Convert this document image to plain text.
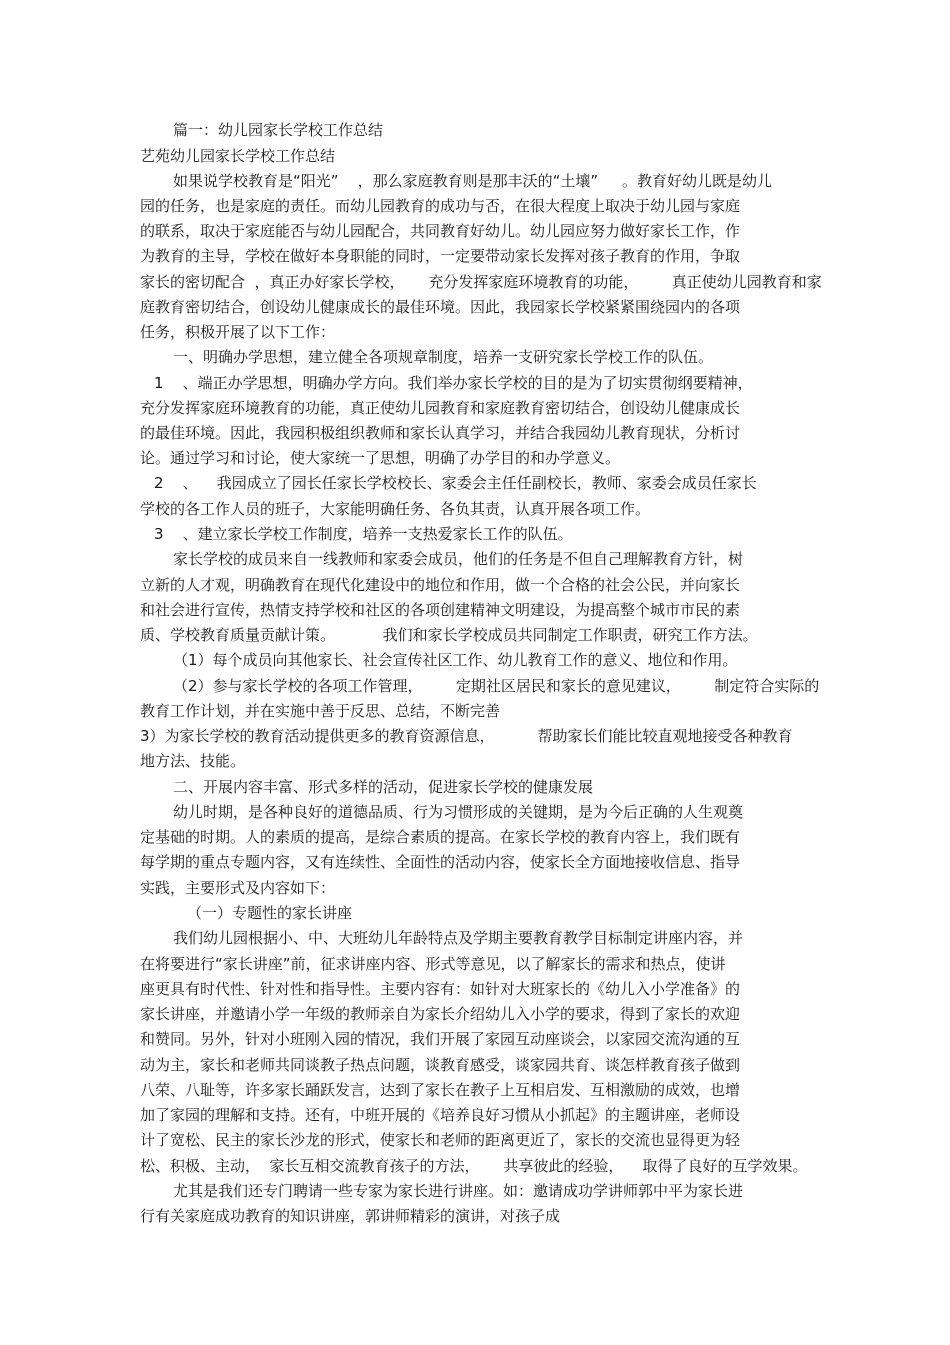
篇一：幼儿园家长学校工作总结
艺苑幼儿园家长学校工作总结
如果说学校教育是“阳光”    ，那么家庭教育则是那丰沃的“土壤”     。教育好幼儿既是幼儿
园的任务，也是家庭的责任。而幼儿园教育的成功与否，在很大程度上取决于幼儿园与家庭
的联系，取决于家庭能否与幼儿园配合，共同教育好幼儿。幼儿园应努力做好家长工作，作
为教育的主导，学校在做好本身职能的同时，一定要带动家长发挥对孩子教育的作用，争取
家长的密切配合  ，真正办好家长学校，     充分发挥家庭环境教育的功能，       真正使幼儿园教育和家
庭教育密切结合，创设幼儿健康成长的最佳环境。因此，我园家长学校紧紧围绕园内的各项
任务，积极开展了以下工作：
一、明确办学思想，建立健全各项规章制度，培养一支研究家长学校工作的队伍。
1    、端正办学思想，明确办学方向。我们举办家长学校的目的是为了切实贯彻纲要精神，
充分发挥家庭环境教育的功能，真正使幼儿园教育和家庭教育密切结合，创设幼儿健康成长
的最佳环境。因此，我园积极组织教师和家长认真学习，并结合我园幼儿教育现状，分析讨
论。通过学习和讨论，使大家统一了思想，明确了办学目的和办学意义。
2    、    我园成立了园长任家长学校校长、家委会主任任副校长，教师、家委会成员任家长
学校的各工作人员的班子，大家能明确任务、各负其责，认真开展各项工作。
3    、建立家长学校工作制度，培养一支热爱家长工作的队伍。
家长学校的成员来自一线教师和家委会成员，他们的任务是不但自己理解教育方针，树
立新的人才观，明确教育在现代化建设中的地位和作用，做一个合格的社会公民，并向家长
和社会进行宣传，热情支持学校和社区的各项创建精神文明建设，为提高整个城市市民的素
质、学校教育质量贡献计策。          我们和家长学校成员共同制定工作职责，研究工作方法。
（1）每个成员向其他家长、社会宣传社区工作、幼儿教育工作的意义、地位和作用。
（2）参与家长学校的各项工作管理，       定期社区居民和家长的意见建议，       制定符合实际的
教育工作计划，并在实施中善于反思、总结，不断完善
3）为家长学校的教育活动提供更多的教育资源信息，         帮助家长们能比较直观地接受各种教育
地方法、技能。
二、开展内容丰富、形式多样的活动，促进家长学校的健康发展
幼儿时期，是各种良好的道德品质、行为习惯形成的关键期，是为今后正确的人生观奠
定基础的时期。人的素质的提高，是综合素质的提高。在家长学校的教育内容上，我们既有
每学期的重点专题内容，又有连续性、全面性的活动内容，使家长全方面地接收信息、指导
实践，主要形式及内容如下：
（一）专题性的家长讲座
我们幼儿园根据小、中、大班幼儿年龄特点及学期主要教育教学目标制定讲座内容，并
在将要进行“家长讲座”前，征求讲座内容、形式等意见，以了解家长的需求和热点，使讲
座更具有时代性、针对性和指导性。主要内容有：如针对大班家长的《幼儿入小学准备》的
家长讲座，并邀请小学一年级的教师亲自为家长介绍幼儿入小学的要求，得到了家长的欢迎
和赞同。另外，针对小班刚入园的情况，我们开展了家园互动座谈会，以家园交流沟通的互
动为主，家长和老师共同谈教子热点问题，谈教育感受，谈家园共育、谈怎样教育孩子做到
八荣、八耻等，许多家长踊跃发言，达到了家长在教子上互相启发、互相激励的成效，也增
加了家园的理解和支持。还有，中班开展的《培养良好习惯从小抓起》的主题讲座，老师设
计了宽松、民主的家长沙龙的形式，使家长和老师的距离更近了，家长的交流也显得更为轻
松、积极、主动，  家长互相交流教育孩子的方法，     共享彼此的经验，    取得了良好的互学效果。
尤其是我们还专门聘请一些专家为家长进行讲座。如：邀请成功学讲师郭中平为家长进
行有关家庭成功教育的知识讲座，郭讲师精彩的演讲，对孩子成
